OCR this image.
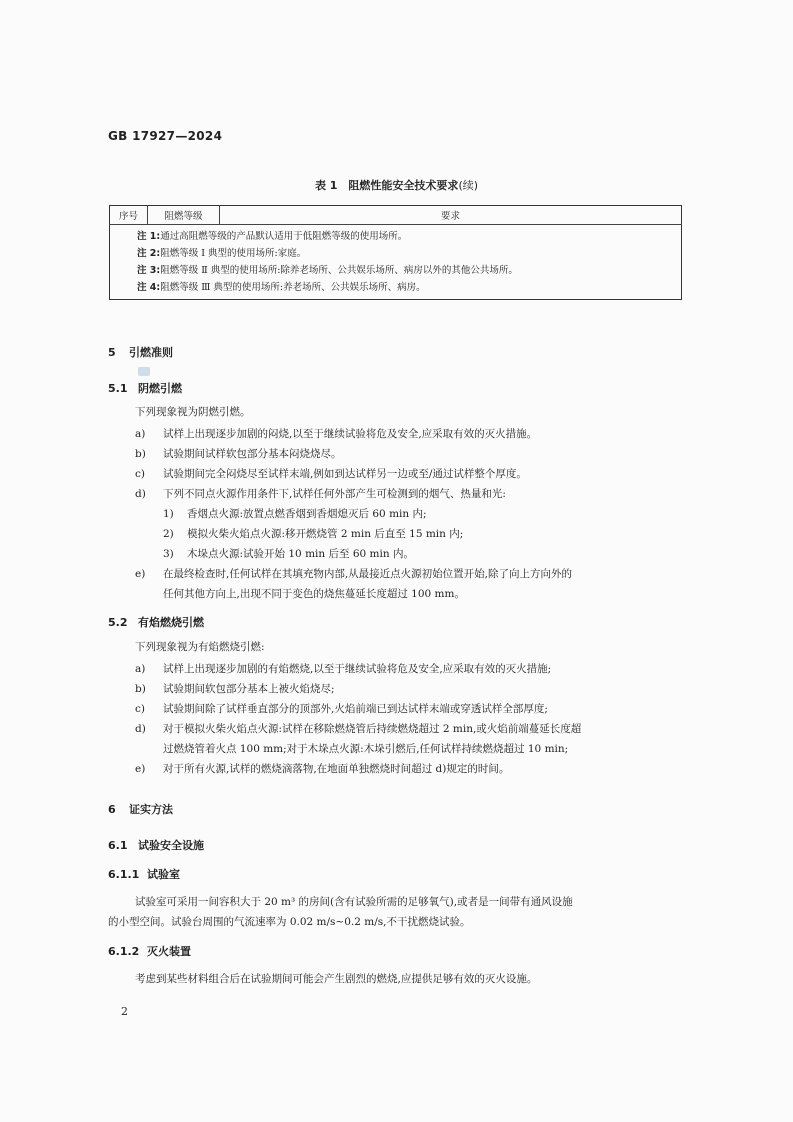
GB 17927—2024
表 1　阻燃性能安全技术要求(续)
序号	阻燃等级	要求
注 1:通过高阻燃等级的产品默认适用于低阻燃等级的使用场所。
注 2:阻燃等级 Ⅰ 典型的使用场所:家庭。
注 3:阻燃等级 Ⅱ 典型的使用场所:除养老场所、公共娱乐场所、病房以外的其他公共场所。
注 4:阻燃等级 Ⅲ 典型的使用场所:养老场所、公共娱乐场所、病房。
5 引燃准则
5.1 阴燃引燃
下列现象视为阴燃引燃。
a) 试样上出现逐步加剧的闷烧,以至于继续试验将危及安全,应采取有效的灭火措施。
b) 试验期间试样软包部分基本闷烧烧尽。
c) 试验期间完全闷烧尽至试样末端,例如到达试样另一边或至/通过试样整个厚度。
d) 下列不同点火源作用条件下,试样任何外部产生可检测到的烟气、热量和光:
1) 香烟点火源:放置点燃香烟到香烟熄灭后 60 min 内;
2) 模拟火柴火焰点火源:移开燃烧管 2 min 后直至 15 min 内;
3) 木垛点火源:试验开始 10 min 后至 60 min 内。
e) 在最终检查时,任何试样在其填充物内部,从最接近点火源初始位置开始,除了向上方向外的
任何其他方向上,出现不同于变色的烧焦蔓延长度超过 100 mm。
5.2 有焰燃烧引燃
下列现象视为有焰燃烧引燃:
a) 试样上出现逐步加剧的有焰燃烧,以至于继续试验将危及安全,应采取有效的灭火措施;
b) 试验期间软包部分基本上被火焰烧尽;
c) 试验期间除了试样垂直部分的顶部外,火焰前端已到达试样末端或穿透试样全部厚度;
d) 对于模拟火柴火焰点火源:试样在移除燃烧管后持续燃烧超过 2 min,或火焰前端蔓延长度超
过燃烧管着火点 100 mm;对于木垛点火源:木垛引燃后,任何试样持续燃烧超过 10 min;
e) 对于所有火源,试样的燃烧滴落物,在地面单独燃烧时间超过 d)规定的时间。
6 证实方法
6.1 试验安全设施
6.1.1 试验室
试验室可采用一间容积大于 20 m³ 的房间(含有试验所需的足够氧气),或者是一间带有通风设施
的小型空间。试验台周围的气流速率为 0.02 m/s~0.2 m/s,不干扰燃烧试验。
6.1.2 灭火装置
考虑到某些材料组合后在试验期间可能会产生剧烈的燃烧,应提供足够有效的灭火设施。
2
